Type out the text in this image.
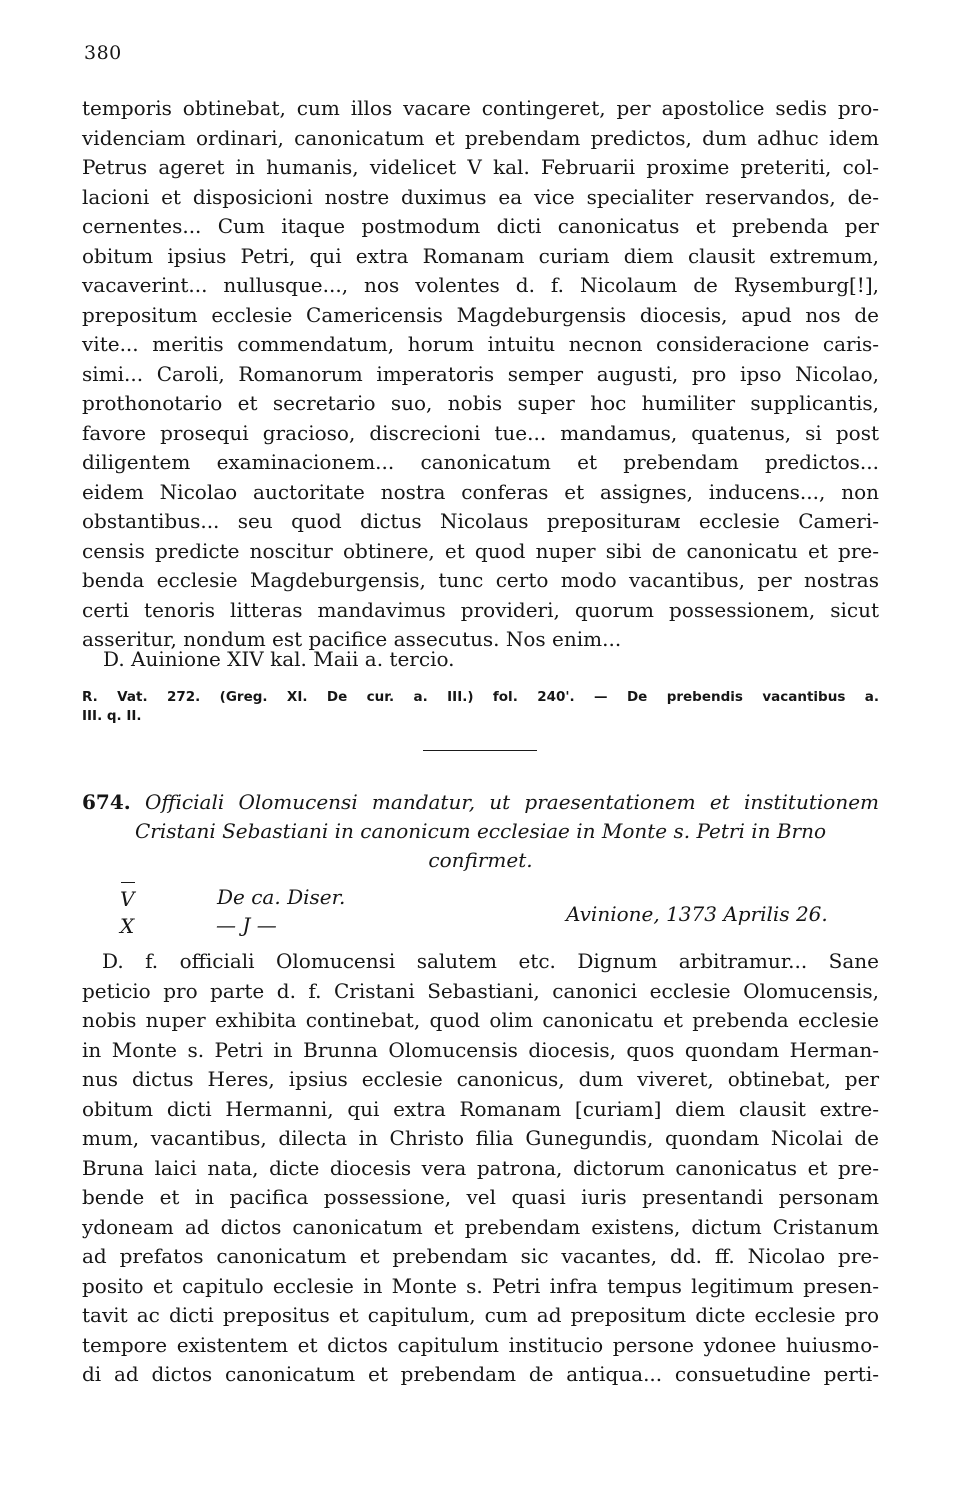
380
temporis obtinebat, cum illos vacare contingeret, per apostolice sedis pro-
videnciam ordinari, canonicatum et prebendam predictos, dum adhuc idem
Petrus ageret in humanis, videlicet V kal. Februarii proxime preteriti, col-
lacioni et disposicioni nostre duximus ea vice specialiter reservandos, de-
cernentes... Cum itaque postmodum dicti canonicatus et prebenda per
obitum ipsius Petri, qui extra Romanam curiam diem clausit extremum,
vacaverint... nullusque..., nos volentes d. f. Nicolaum de Rysemburg[!],
prepositum ecclesie Camericensis Magdeburgensis diocesis, apud nos de
vite... meritis commendatum, horum intuitu necnon consideracione caris-
simi... Caroli, Romanorum imperatoris semper augusti, pro ipso Nicolao,
prothonotario et secretario suo, nobis super hoc humiliter supplicantis,
favore prosequi gracioso, discrecioni tue... mandamus, quatenus, si post
diligentem examinacionem... canonicatum et prebendam predictos...
eidem Nicolao auctoritate nostra conferas et assignes, inducens..., non
obstantibus... seu quod dictus Nicolaus prepositurам ecclesie Cameri-
censis predicte noscitur obtinere, et quod nuper sibi de canonicatu et pre-
benda ecclesie Magdeburgensis, tunc certo modo vacantibus, per nostras
certi tenoris litteras mandavimus provideri, quorum possessionem, sicut
asseritur, nondum est pacifice assecutus. Nos enim...
D. Auinione XIV kal. Maii a. tercio.
R. Vat. 272. (Greg. XI. De cur. a. III.) fol. 240'. — De prebendis vacantibus a.
III. q. II.
674. Officiali Olomucensi mandatur, ut praesentationem et institutionem
Cristani Sebastiani in canonicum ecclesiae in Monte s. Petri in Brno
confirmet.
V
X
De ca. Diser.
— J —	Avinione, 1373 Aprilis 26.
D. f. officiali Olomucensi salutem etc. Dignum arbitramur... Sane
peticio pro parte d. f. Cristani Sebastiani, canonici ecclesie Olomucensis,
nobis nuper exhibita continebat, quod olim canonicatu et prebenda ecclesie
in Monte s. Petri in Brunna Olomucensis diocesis, quos quondam Herman-
nus dictus Heres, ipsius ecclesie canonicus, dum viveret, obtinebat, per
obitum dicti Hermanni, qui extra Romanam [curiam] diem clausit extre-
mum, vacantibus, dilecta in Christo filia Gunegundis, quondam Nicolai de
Bruna laici nata, dicte diocesis vera patrona, dictorum canonicatus et pre-
bende et in pacifica possessione, vel quasi iuris presentandi personam
ydoneam ad dictos canonicatum et prebendam existens, dictum Cristanum
ad prefatos canonicatum et prebendam sic vacantes, dd. ff. Nicolao pre-
posito et capitulo ecclesie in Monte s. Petri infra tempus legitimum presen-
tavit ac dicti prepositus et capitulum, cum ad prepositum dicte ecclesie pro
tempore existentem et dictos capitulum institucio persone ydonee huiusmo-
di ad dictos canonicatum et prebendam de antiqua... consuetudine perti-
